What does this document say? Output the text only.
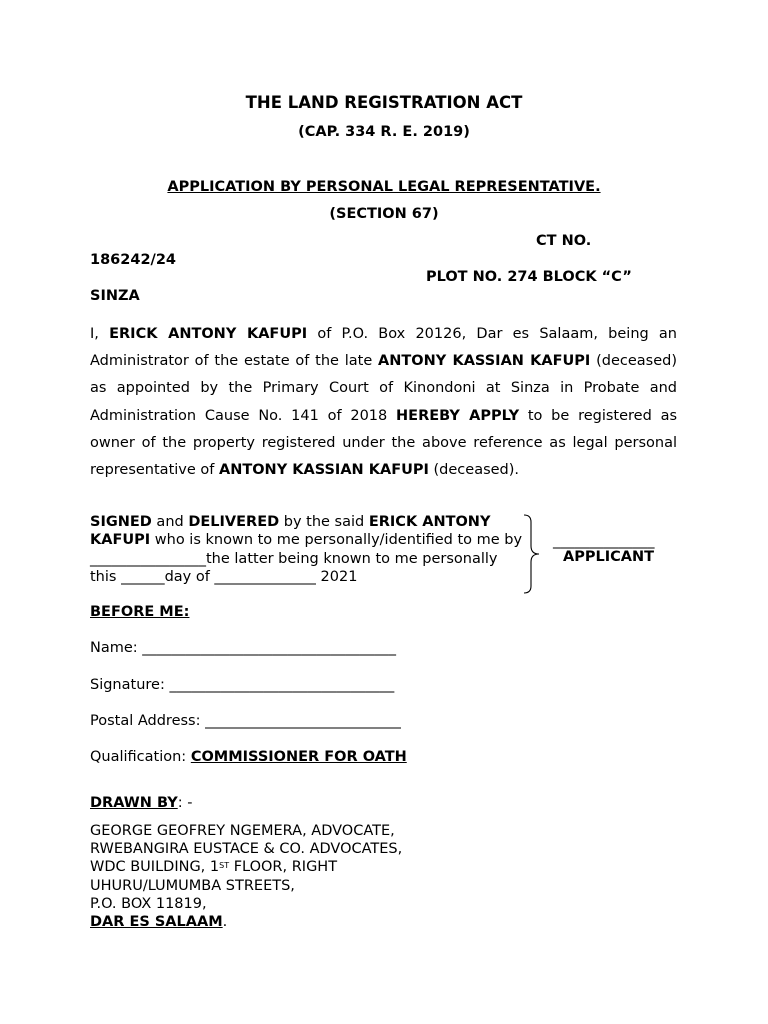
THE LAND REGISTRATION ACT
(CAP. 334 R. E. 2019)
APPLICATION BY PERSONAL LEGAL REPRESENTATIVE.
(SECTION 67)
CT NO.
186242/24
PLOT NO. 274 BLOCK “C”
SINZA
I, ERICK ANTONY KAFUPI of P.O. Box 20126, Dar es Salaam, being an Administrator of the estate of the late ANTONY KASSIAN KAFUPI (deceased) as appointed by the Primary Court of Kinondoni at Sinza in Probate and Administration Cause No. 141 of 2018 HEREBY APPLY to be registered as owner of the property registered under the above reference as legal personal representative of ANTONY KASSIAN KAFUPI (deceased).
SIGNED and DELIVERED by the said ERICK ANTONY
KAFUPI who is known to me personally/identified to me by
________________the latter being known to me personally
this ______day of ______________ 2021
______________
APPLICANT
BEFORE ME:
Name: ___________________________________
Signature: _______________________________
Postal Address: ___________________________
Qualification: COMMISSIONER FOR OATH
DRAWN BY: -
GEORGE GEOFREY NGEMERA, ADVOCATE,
RWEBANGIRA EUSTACE & CO. ADVOCATES,
WDC BUILDING, 1ST FLOOR, RIGHT
UHURU/LUMUMBA STREETS,
P.O. BOX 11819,
DAR ES SALAAM.
